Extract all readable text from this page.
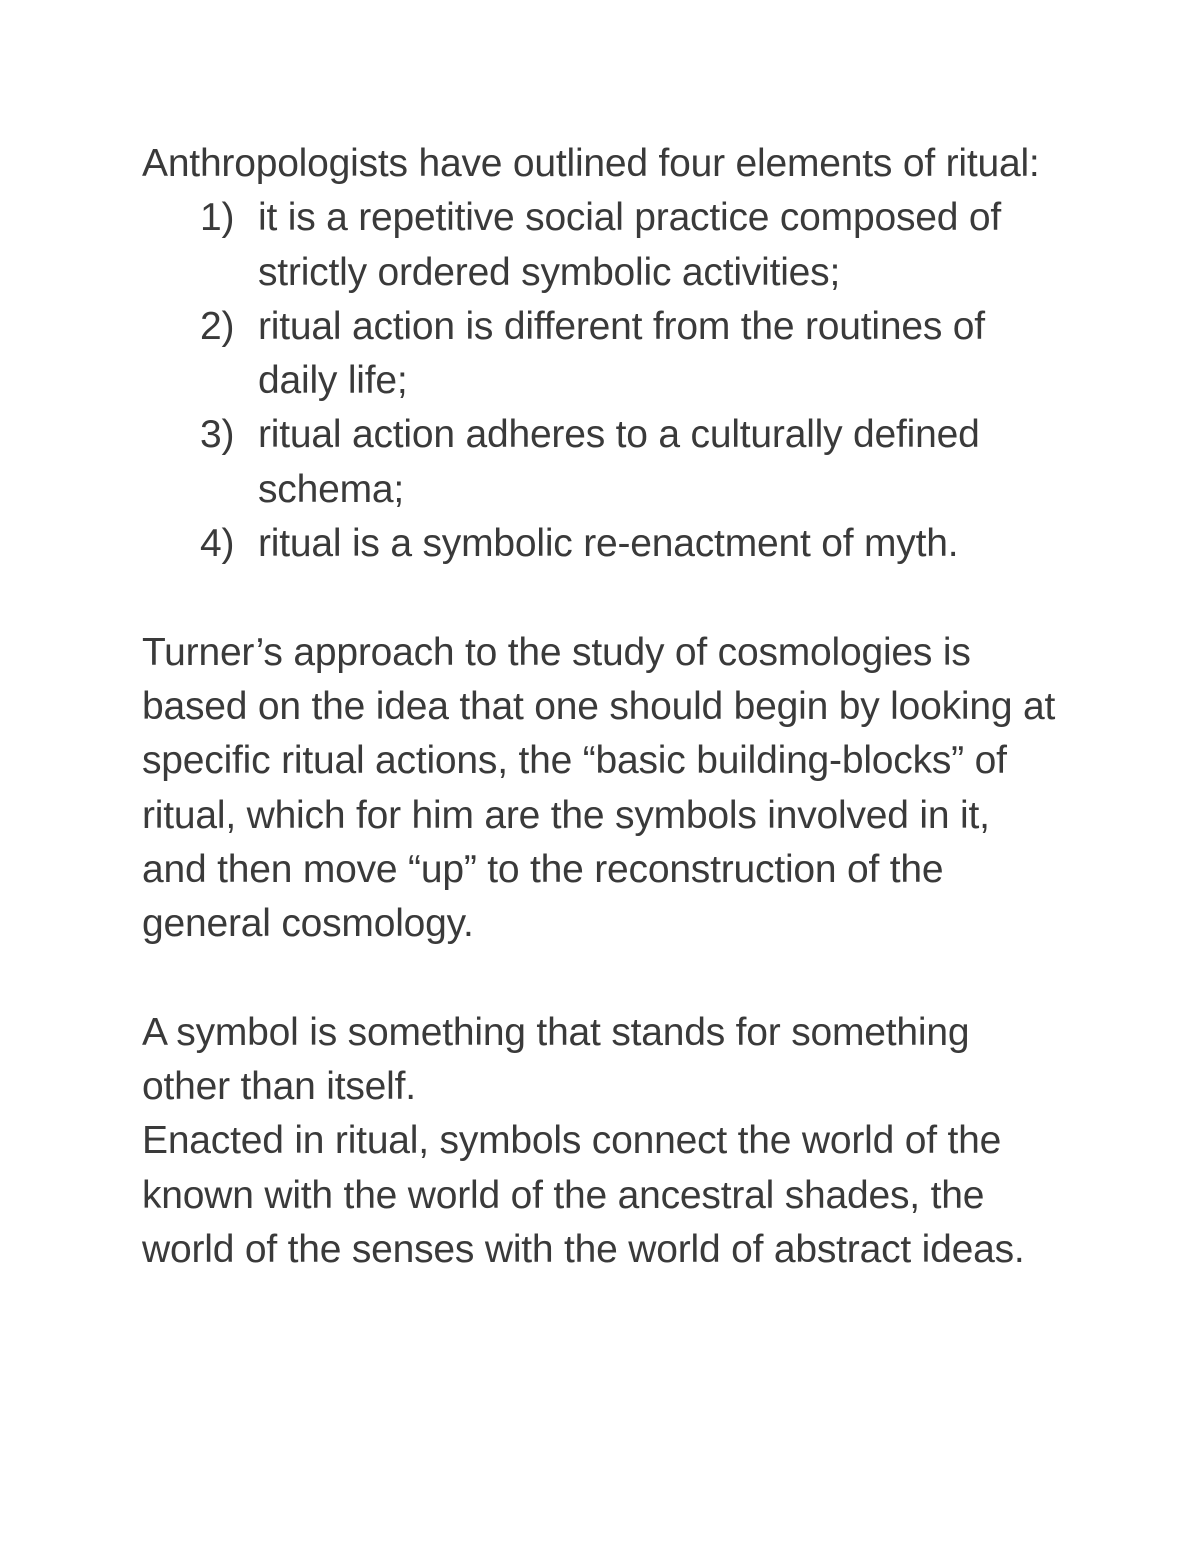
Anthropologists have outlined four elements of ritual:

1) it is a repetitive social practice composed of strictly ordered symbolic activities;
2) ritual action is different from the routines of daily life;
3) ritual action adheres to a culturally defined schema;
4) ritual is a symbolic re-enactment of myth.

Turner’s approach to the study of cosmologies is based on the idea that one should begin by looking at specific ritual actions, the “basic building-blocks” of ritual, which for him are the symbols involved in it, and then move “up” to the reconstruction of the general cosmology.

A symbol is something that stands for something other than itself.

Enacted in ritual, symbols connect the world of the known with the world of the ancestral shades, the world of the senses with the world of abstract ideas.
